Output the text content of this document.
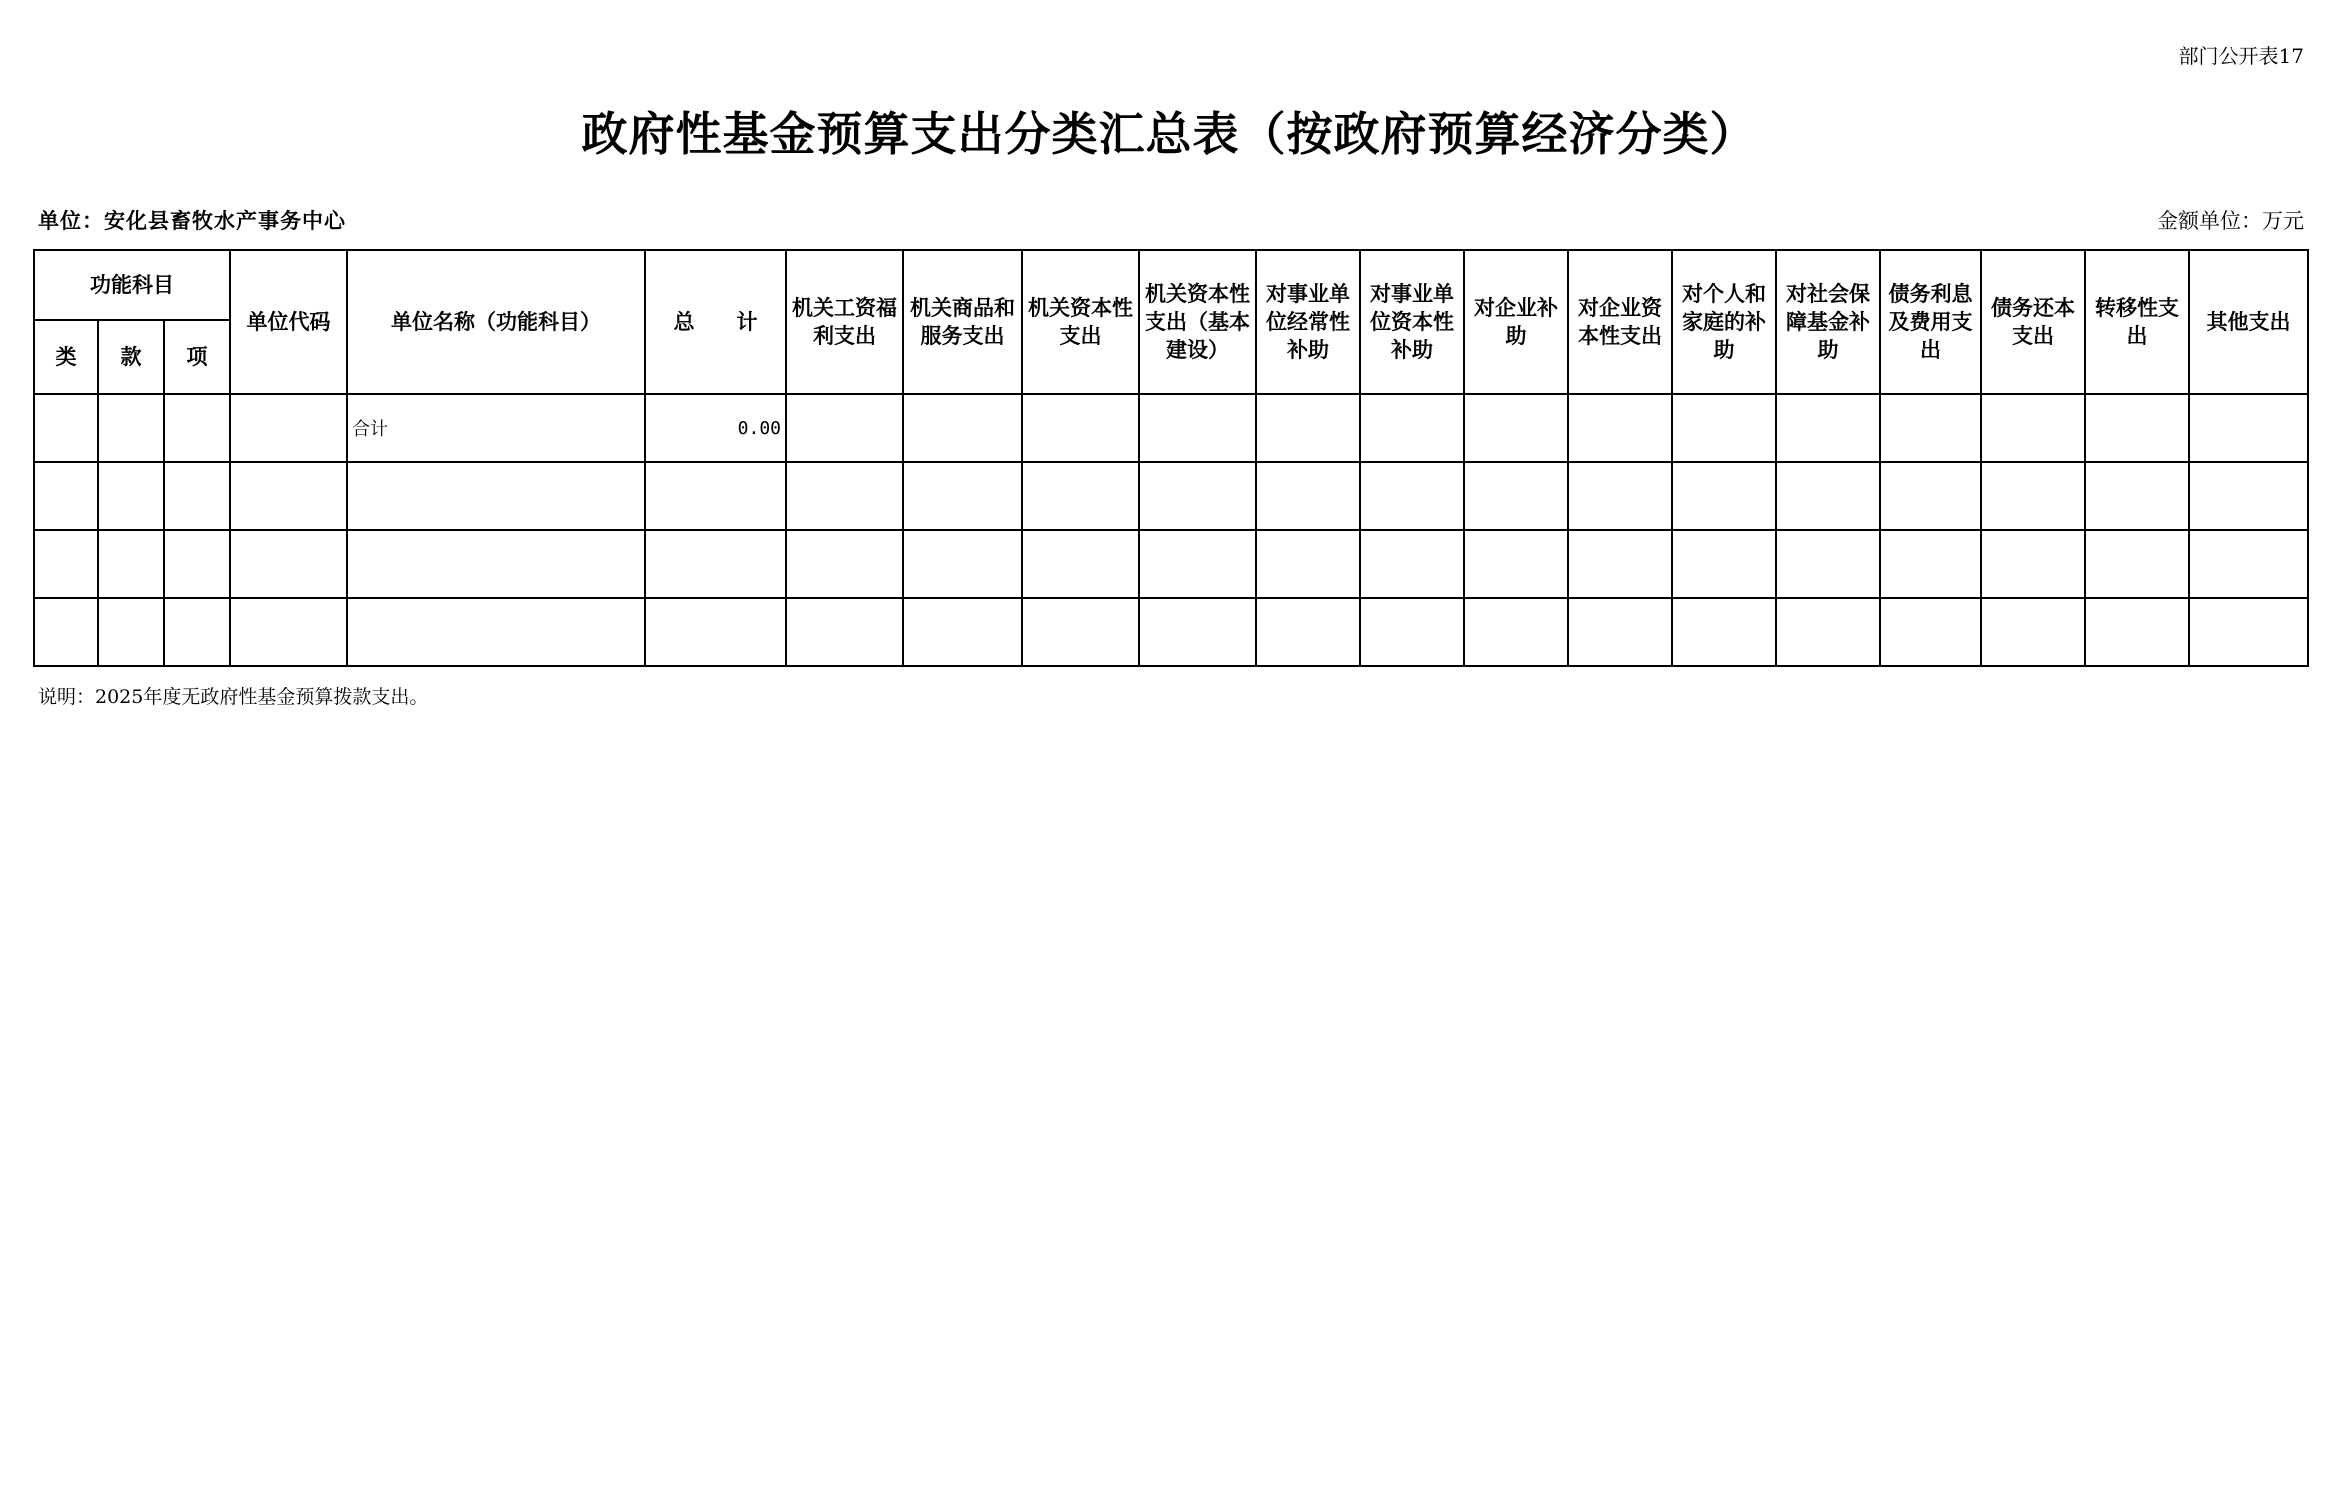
部门公开表17
政府性基金预算支出分类汇总表（按政府预算经济分类）
单位：安化县畜牧水产事务中心	金额单位：万元
功能科目			单位代码	单位名称（功能科目）	总　　计	机关工资福利支出	机关商品和服务支出	机关资本性支出	机关资本性支出（基本建设）	对事业单位经常性补助	对事业单位资本性补助	对企业补助	对企业资本性支出	对个人和家庭的补助	对社会保障基金补助	债务利息及费用支出	债务还本支出	转移性支出	其他支出
类	款	项																	
				合计	0.00														

说明：2025年度无政府性基金预算拨款支出。
